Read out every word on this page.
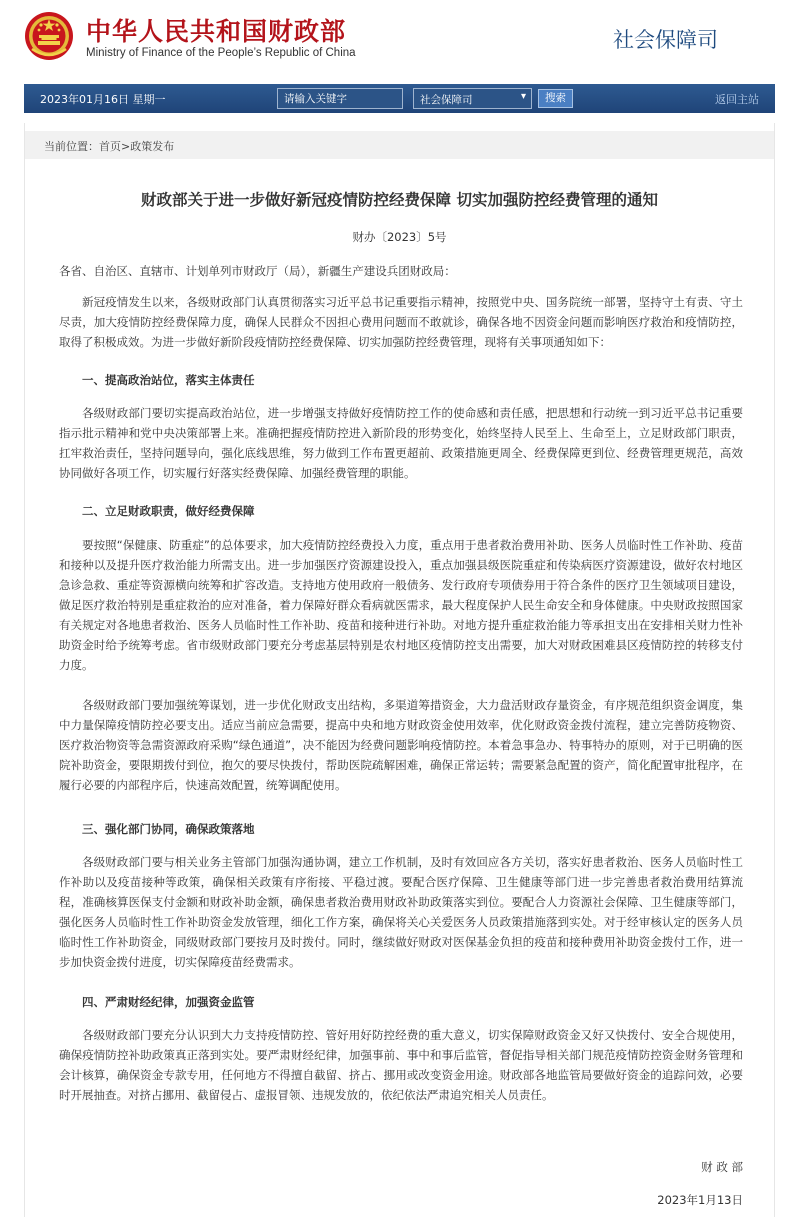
中华人民共和国财政部
Ministry of Finance of the People’s Republic of China
社会保障司
2023年01月16日 星期一
请输入关键字	社会保障司	▾	搜索	返回主站
当前位置：首页>政策发布
财政部关于进一步做好新冠疫情防控经费保障 切实加强防控经费管理的通知
财办〔2023〕5号
各省、自治区、直辖市、计划单列市财政厅（局），新疆生产建设兵团财政局：
新冠疫情发生以来，各级财政部门认真贯彻落实习近平总书记重要指示精神，按照党中央、国务院统一部署，坚持守土有责、守土尽责，加大疫情防控经费保障力度，确保人民群众不因担心费用问题而不敢就诊，确保各地不因资金问题而影响医疗救治和疫情防控，取得了积极成效。为进一步做好新阶段疫情防控经费保障、切实加强防控经费管理，现将有关事项通知如下：
一、提高政治站位，落实主体责任
各级财政部门要切实提高政治站位，进一步增强支持做好疫情防控工作的使命感和责任感，把思想和行动统一到习近平总书记重要指示批示精神和党中央决策部署上来。准确把握疫情防控进入新阶段的形势变化，始终坚持人民至上、生命至上，立足财政部门职责，扛牢救治责任，坚持问题导向，强化底线思维，努力做到工作布置更超前、政策措施更周全、经费保障更到位、经费管理更规范，高效协同做好各项工作，切实履行好落实经费保障、加强经费管理的职能。
二、立足财政职责，做好经费保障
要按照“保健康、防重症”的总体要求，加大疫情防控经费投入力度，重点用于患者救治费用补助、医务人员临时性工作补助、疫苗和接种以及提升医疗救治能力所需支出。进一步加强医疗资源建设投入，重点加强县级医院重症和传染病医疗资源建设，做好农村地区急诊急救、重症等资源横向统筹和扩容改造。支持地方使用政府一般债务、发行政府专项债券用于符合条件的医疗卫生领域项目建设，做足医疗救治特别是重症救治的应对准备，着力保障好群众看病就医需求，最大程度保护人民生命安全和身体健康。中央财政按照国家有关规定对各地患者救治、医务人员临时性工作补助、疫苗和接种进行补助。对地方提升重症救治能力等承担支出在安排相关财力性补助资金时给予统筹考虑。省市级财政部门要充分考虑基层特别是农村地区疫情防控支出需要，加大对财政困难县区疫情防控的转移支付力度。
各级财政部门要加强统筹谋划，进一步优化财政支出结构，多渠道筹措资金，大力盘活财政存量资金，有序规范组织资金调度，集中力量保障疫情防控必要支出。适应当前应急需要，提高中央和地方财政资金使用效率，优化财政资金拨付流程，建立完善防疫物资、医疗救治物资等急需资源政府采购“绿色通道”，决不能因为经费问题影响疫情防控。本着急事急办、特事特办的原则，对于已明确的医院补助资金，要限期拨付到位，抱欠的要尽快拨付，帮助医院疏解困难，确保正常运转；需要紧急配置的资产，简化配置审批程序，在履行必要的内部程序后，快速高效配置，统筹调配使用。
三、强化部门协同，确保政策落地
各级财政部门要与相关业务主管部门加强沟通协调，建立工作机制，及时有效回应各方关切，落实好患者救治、医务人员临时性工作补助以及疫苗接种等政策，确保相关政策有序衔接、平稳过渡。要配合医疗保障、卫生健康等部门进一步完善患者救治费用结算流程，准确核算医保支付金额和财政补助金额，确保患者救治费用财政补助政策落实到位。要配合人力资源社会保障、卫生健康等部门，强化医务人员临时性工作补助资金发放管理，细化工作方案，确保将关心关爱医务人员政策措施落到实处。对于经审核认定的医务人员临时性工作补助资金，同级财政部门要按月及时拨付。同时，继续做好财政对医保基金负担的疫苗和接种费用补助资金拨付工作，进一步加快资金拨付进度，切实保障疫苗经费需求。
四、严肃财经纪律，加强资金监管
各级财政部门要充分认识到大力支持疫情防控、管好用好防控经费的重大意义，切实保障财政资金又好又快拨付、安全合规使用，确保疫情防控补助政策真正落到实处。要严肃财经纪律，加强事前、事中和事后监管，督促指导相关部门规范疫情防控资金财务管理和会计核算，确保资金专款专用，任何地方不得擅自截留、挤占、挪用或改变资金用途。财政部各地监管局要做好资金的追踪问效，必要时开展抽查。对挤占挪用、截留侵占、虚报冒领、违规发放的，依纪依法严肃追究相关人员责任。
财 政 部
2023年1月13日
